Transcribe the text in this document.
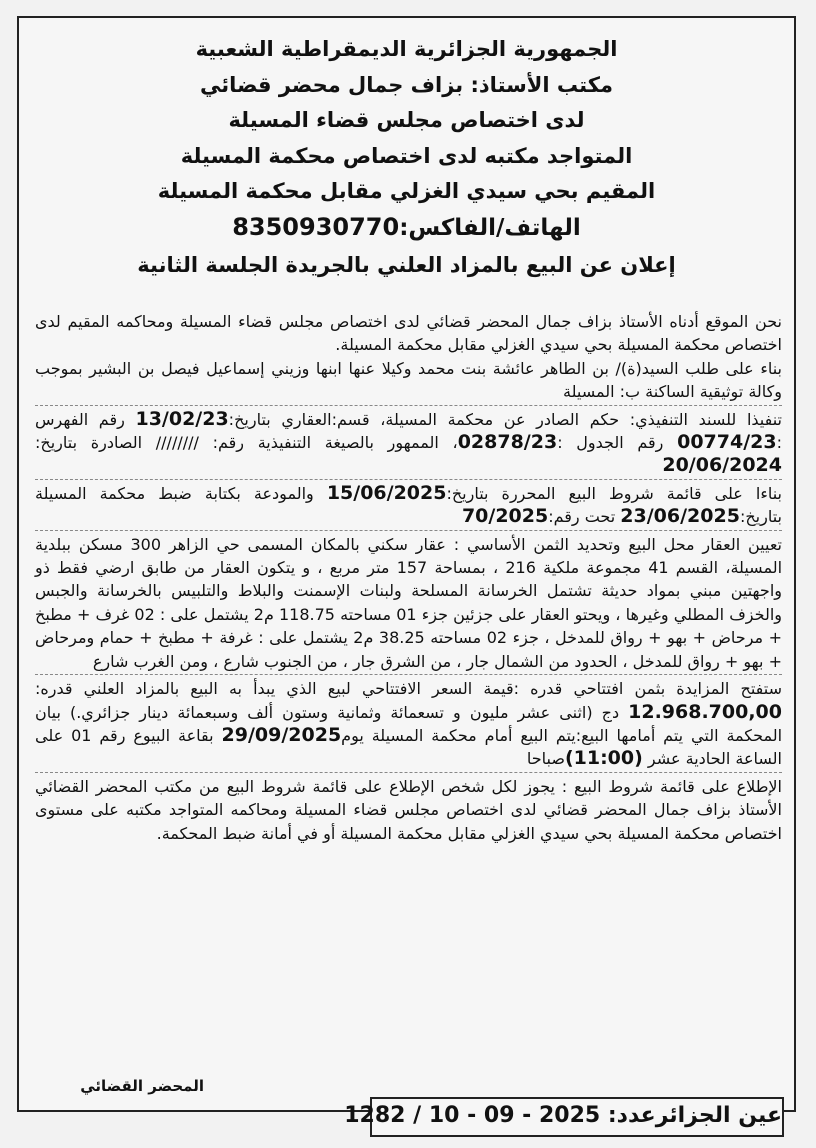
الجمهورية الجزائرية الديمقراطية الشعبية
مكتب الأستاذ: بزاف جمال محضر قضائي
لدى اختصاص مجلس قضاء المسيلة
المتواجد مكتبه لدى اختصاص محكمة المسيلة
المقيم بحي سيدي الغزلي مقابل محكمة المسيلة
الهاتف/الفاكس:8350930770
إعلان عن البيع بالمزاد العلني بالجريدة الجلسة الثانية

نحن الموقع أدناه الأستاذ بزاف جمال المحضر قضائي لدى اختصاص مجلس قضاء المسيلة ومحاكمه المقيم لدى اختصاص محكمة المسيلة بحي سيدي الغزلي مقابل محكمة المسيلة.

بناء على طلب السيد(ة)/ بن الطاهر عائشة بنت محمد وكيلا عنها ابنها وزيني إسماعيل فيصل بن البشير بموجب وكالة توثيقية الساكنة ب: المسيلة

تنفيذا للسند التنفيذي: حكم الصادر عن محكمة المسيلة، قسم:العقاري بتاريخ:13/02/23 رقم الفهرس :00774/23 رقم الجدول :02878/23، الممهور بالصيغة التنفيذية رقم: //////// الصادرة بتاريخ: 20/06/2024

بناءا على قائمة شروط البيع المحررة بتاريخ:15/06/2025 والمودعة بكتابة ضبط محكمة المسيلة بتاريخ:23/06/2025 تحت رقم:70/2025

تعيين العقار محل البيع وتحديد الثمن الأساسي : عقار سكني بالمكان المسمى حي الزاهر 300 مسكن ببلدية المسيلة، القسم 41 مجموعة ملكية 216 ، بمساحة 157 متر مربع ، و يتكون العقار من طابق ارضي فقط ذو واجهتين مبني بمواد حديثة تشتمل الخرسانة المسلحة ولبنات الإسمنت والبلاط والتلبيس بالخرسانة والجبس والخزف المطلي وغيرها ، ويحتو العقار على جزئين جزء 01 مساحته 118.75 م2 يشتمل على : 02 غرف + مطبخ + مرحاض + بهو + رواق للمدخل ، جزء 02 مساحته 38.25 م2 يشتمل على : غرفة + مطبخ + حمام ومرحاض + بهو + رواق للمدخل ، الحدود من الشمال جار ، من الشرق جار ، من الجنوب شارع ، ومن الغرب شارع

ستفتح المزايدة بثمن افتتاحي قدره :قيمة السعر الافتتاحي لبيع الذي يبدأ به البيع بالمزاد العلني قدره: 12.968.700,00 دج (اثنى عشر مليون و تسعمائة وثمانية وستون ألف وسبعمائة دينار جزائري.) بيان المحكمة التي يتم أمامها البيع:يتم البيع أمام محكمة المسيلة يوم29/09/2025 بقاعة البيوع رقم 01 على الساعة الحادية عشر (11:00)صباحا

الإطلاع على قائمة شروط البيع : يجوز لكل شخص الإطلاع على قائمة شروط البيع من مكتب المحضر القضائي الأستاذ بزاف جمال المحضر قضائي لدى اختصاص مجلس قضاء المسيلة ومحاكمه المتواجد مكتبه على مستوى اختصاص محكمة المسيلة بحي سيدي الغزلي مقابل محكمة المسيلة أو في أمانة ضبط المحكمة.

المحضر القضائي
عين الجزائرعدد: 1282 / 10 - 09 - 2025
